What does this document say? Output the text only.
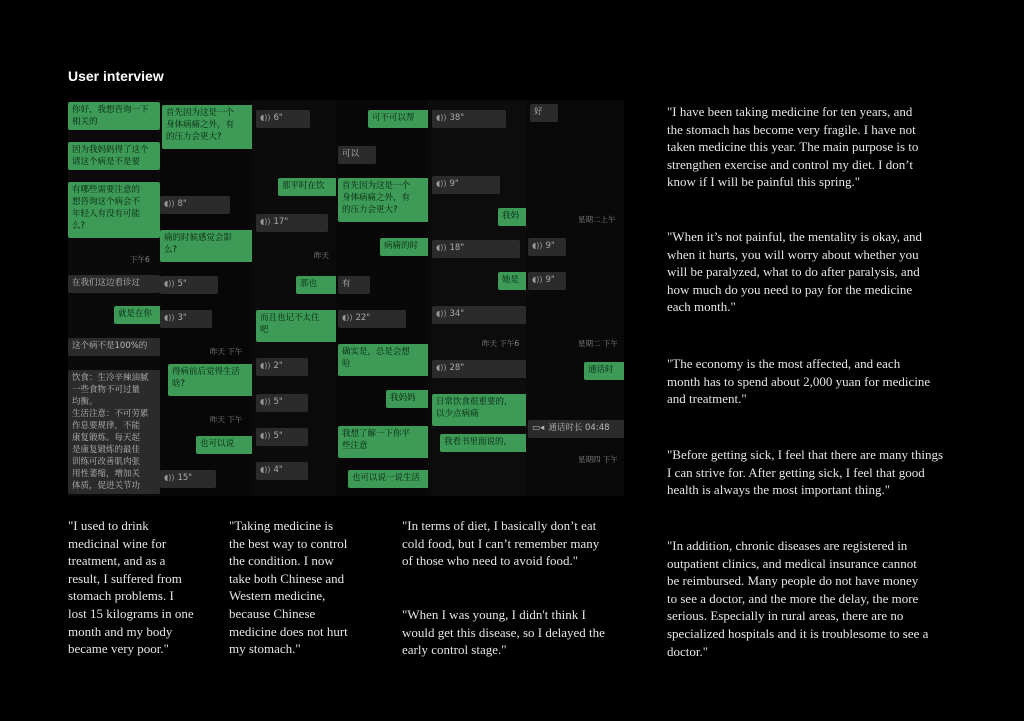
User interview
你好，我想咨询一下
相关的
因为我妈妈得了这个
请这个病是不是要
有哪些需要注意的
想咨询这个病会不
年轻人有没有可能
么?
下午6
在我们这边看诊过
就是在你
这个病不是100%的
饮食：生冷辛辣油腻
一些食物不可过量
均衡。
生活注意：不可劳累
作息要规律，不能
康复锻炼。每天起
是康复锻炼的最佳
训练可改善肌肉张
用性萎缩，增加关
体质，促进关节功
首先因为这是一个
身体病痛之外，有
的压力会更大?
◖)) 8"
痛的时候感觉会影
么?
◖)) 5"
◖)) 3"
昨天 下午
得病前后觉得生活
啥?
昨天 下午
也可以说
◖)) 15"
◖)) 6"
◖)) 17"
那平时在饮
昨天
那也
而且也记不太住
吧
◖)) 2"
◖)) 5"
◖)) 5"
◖)) 4"
可不可以帮
可以
首先因为这是一个
身体病痛之外，有
的压力会更大?
病痛的时
有
◖)) 22"
确实是，总是会想
哈
我妈妈
我想了解一下你平
些注意
也可以说一说生活
◖)) 38"
◖)) 9"
我妈
◖)) 18"
她是
◖)) 34"
昨天 下午6
◖)) 28"
日常饮食很重要的，
以少点病痛
我看书里面说的，
好
星期二上午
◖)) 9"
◖)) 9"
星期二 下午
通话时
▭◂ 通话时长 04:48
星期四 下午
"I used to drink
medicinal wine for
treatment, and as a
result, I suffered from
stomach problems. I
lost 15 kilograms in one
month and my body
became very poor."
"Taking medicine is
the best way to control
the condition. I now
take both Chinese and
Western medicine,
because Chinese
medicine does not hurt
my stomach."
"In terms of diet, I basically don’t eat
cold food, but I can’t remember many
of those who need to avoid food."
"When I was young, I didn't think I
would get this disease, so I delayed the
early control stage."
"I have been taking medicine for ten years, and
the stomach has become very fragile. I have not
taken medicine this year. The main purpose is to
strengthen exercise and control my diet. I don’t
know if I will be painful this spring."
"When it’s not painful, the mentality is okay, and
when it hurts, you will worry about whether you
will be paralyzed, what to do after paralysis, and
how much do you need to pay for the medicine
each month."
"The economy is the most affected, and each
month has to spend about 2,000 yuan for medicine
and treatment."
"Before getting sick, I feel that there are many things
I can strive for. After getting sick, I feel that good
health is always the most important thing."
"In addition, chronic diseases are registered in
outpatient clinics, and medical insurance cannot
be reimbursed. Many people do not have money
to see a doctor, and the more the delay, the more
serious. Especially in rural areas, there are no
specialized hospitals and it is troublesome to see a
doctor."
